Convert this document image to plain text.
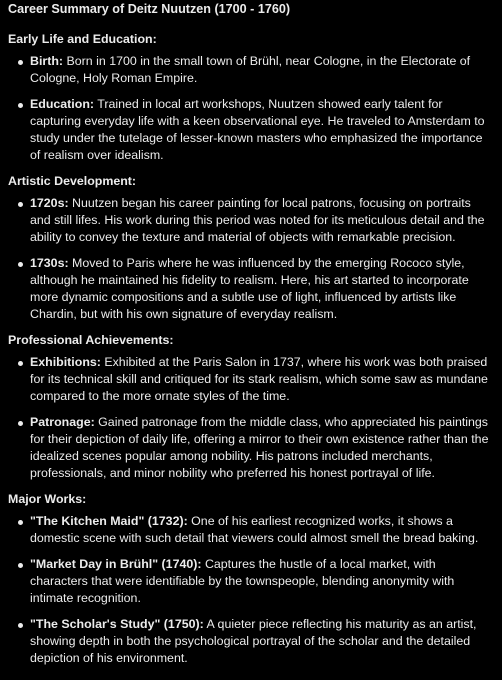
Career Summary of Deitz Nuutzen (1700 - 1760)
Early Life and Education:
Birth: Born in 1700 in the small town of Brühl, near Cologne, in the Electorate of Cologne, Holy Roman Empire.
Education: Trained in local art workshops, Nuutzen showed early talent for capturing everyday life with a keen observational eye. He traveled to Amsterdam to study under the tutelage of lesser-known masters who emphasized the importance of realism over idealism.
Artistic Development:
1720s: Nuutzen began his career painting for local patrons, focusing on portraits and still lifes. His work during this period was noted for its meticulous detail and the ability to convey the texture and material of objects with remarkable precision.
1730s: Moved to Paris where he was influenced by the emerging Rococo style, although he maintained his fidelity to realism. Here, his art started to incorporate more dynamic compositions and a subtle use of light, influenced by artists like Chardin, but with his own signature of everyday realism.
Professional Achievements:
Exhibitions: Exhibited at the Paris Salon in 1737, where his work was both praised for its technical skill and critiqued for its stark realism, which some saw as mundane compared to the more ornate styles of the time.
Patronage: Gained patronage from the middle class, who appreciated his paintings for their depiction of daily life, offering a mirror to their own existence rather than the idealized scenes popular among nobility. His patrons included merchants, professionals, and minor nobility who preferred his honest portrayal of life.
Major Works:
"The Kitchen Maid" (1732): One of his earliest recognized works, it shows a domestic scene with such detail that viewers could almost smell the bread baking.
"Market Day in Brühl" (1740): Captures the hustle of a local market, with characters that were identifiable by the townspeople, blending anonymity with intimate recognition.
"The Scholar's Study" (1750): A quieter piece reflecting his maturity as an artist, showing depth in both the psychological portrayal of the scholar and the detailed depiction of his environment.
